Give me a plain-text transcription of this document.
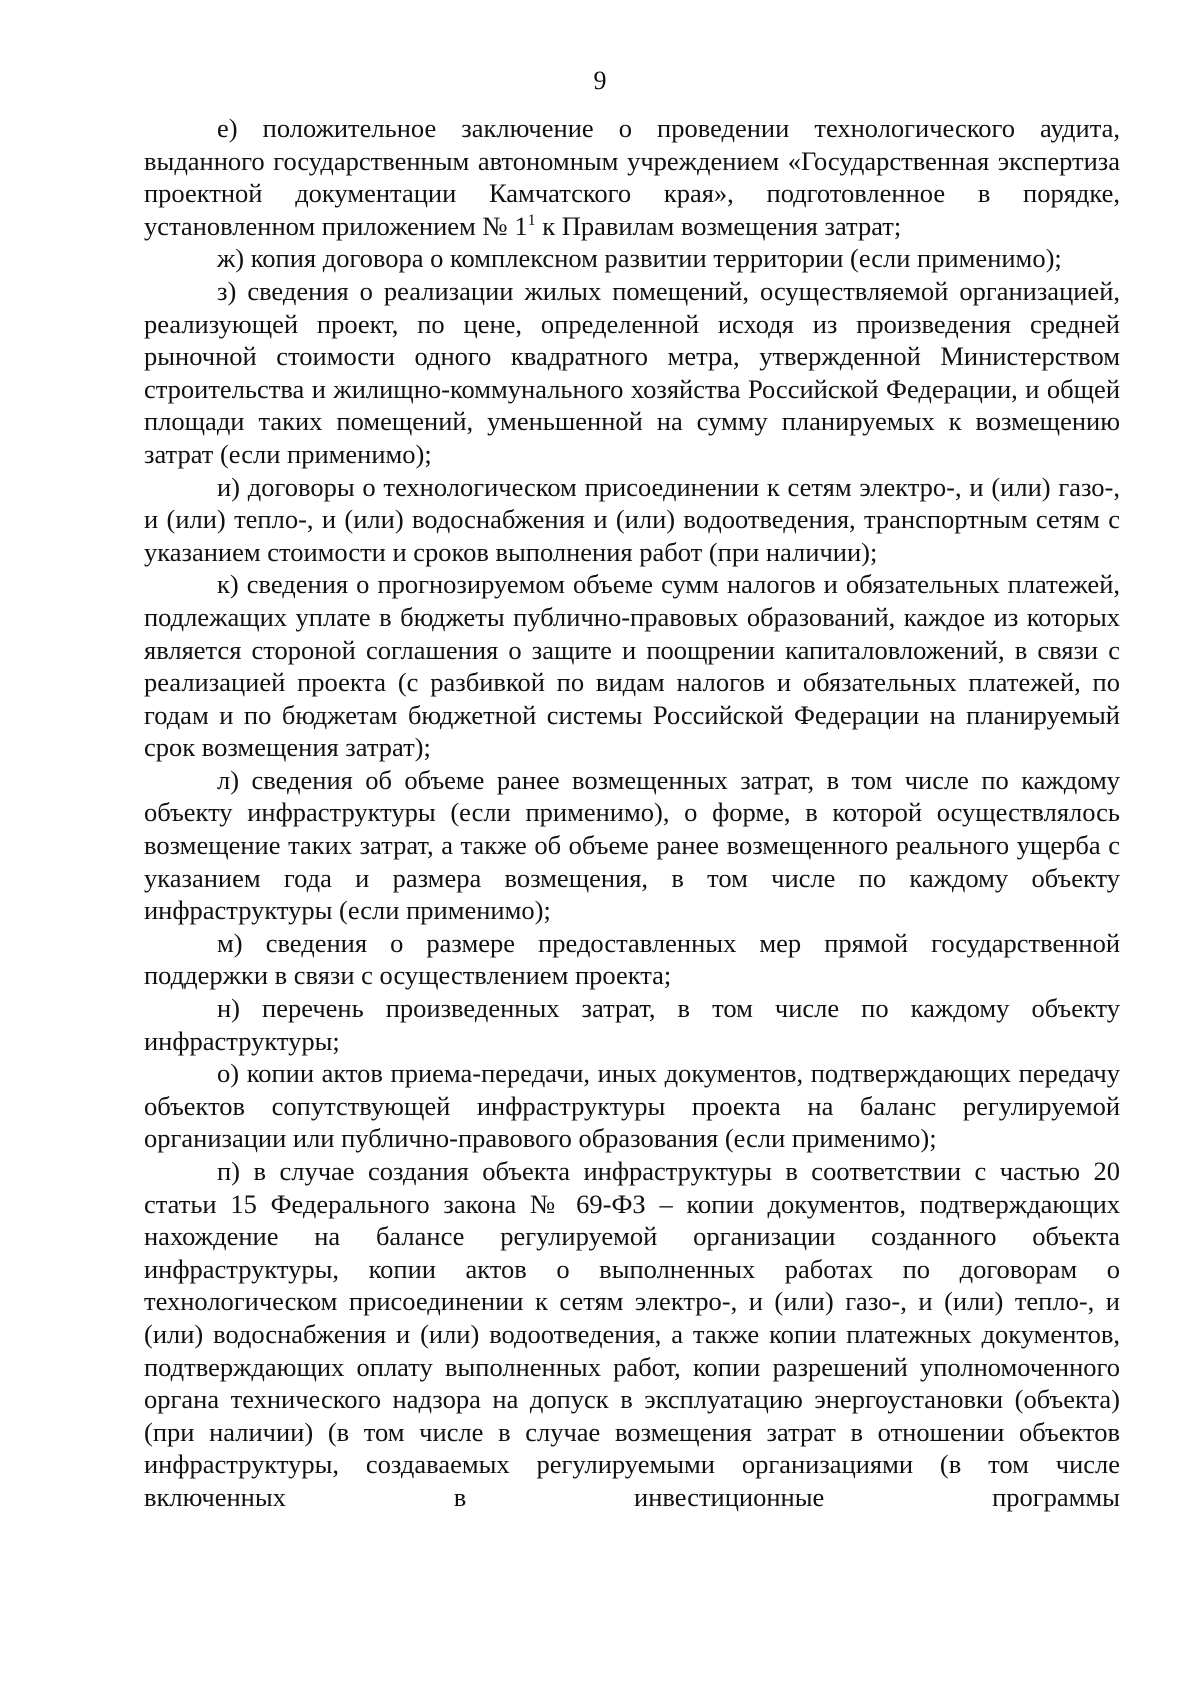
9

е) положительное заключение о проведении технологического аудита, выданного государственным автономным учреждением «Государственная экспертиза проектной документации Камчатского края», подготовленное в порядке, установленном приложением № $1^1$ к Правилам возмещения затрат;

ж) копия договора о комплексном развитии территории (если применимо);

з) сведения о реализации жилых помещений, осуществляемой организацией, реализующей проект, по цене, определенной исходя из произведения средней рыночной стоимости одного квадратного метра, утвержденной Министерством строительства и жилищно-коммунального хозяйства Российской Федерации, и общей площади таких помещений, уменьшенной на сумму планируемых к возмещению затрат (если применимо);

и) договоры о технологическом присоединении к сетям электро-, и (или) газо-, и (или) тепло-, и (или) водоснабжения и (или) водоотведения, транспортным сетям с указанием стоимости и сроков выполнения работ (при наличии);

к) сведения о прогнозируемом объеме сумм налогов и обязательных платежей, подлежащих уплате в бюджеты публично-правовых образований, каждое из которых является стороной соглашения о защите и поощрении капиталовложений, в связи с реализацией проекта (с разбивкой по видам налогов и обязательных платежей, по годам и по бюджетам бюджетной системы Российской Федерации на планируемый срок возмещения затрат);

л) сведения об объеме ранее возмещенных затрат, в том числе по каждому объекту инфраструктуры (если применимо), о форме, в которой осуществлялось возмещение таких затрат, а также об объеме ранее возмещенного реального ущерба с указанием года и размера возмещения, в том числе по каждому объекту инфраструктуры (если применимо);

м) сведения о размере предоставленных мер прямой государственной поддержки в связи с осуществлением проекта;

н) перечень произведенных затрат, в том числе по каждому объекту инфраструктуры;

о) копии актов приема-передачи, иных документов, подтверждающих передачу объектов сопутствующей инфраструктуры проекта на баланс регулируемой организации или публично-правового образования (если применимо);

п) в случае создания объекта инфраструктуры в соответствии с частью 20 статьи 15 Федерального закона № 69-ФЗ – копии документов, подтверждающих нахождение на балансе регулируемой организации созданного объекта инфраструктуры, копии актов о выполненных работах по договорам о технологическом присоединении к сетям электро-, и (или) газо-, и (или) тепло-, и (или) водоснабжения и (или) водоотведения, а также копии платежных документов, подтверждающих оплату выполненных работ, копии разрешений уполномоченного органа технического надзора на допуск в эксплуатацию энергоустановки (объекта) (при наличии) (в том числе в случае возмещения затрат в отношении объектов инфраструктуры, создаваемых регулируемыми организациями (в том числе включенных в инвестиционные программы
